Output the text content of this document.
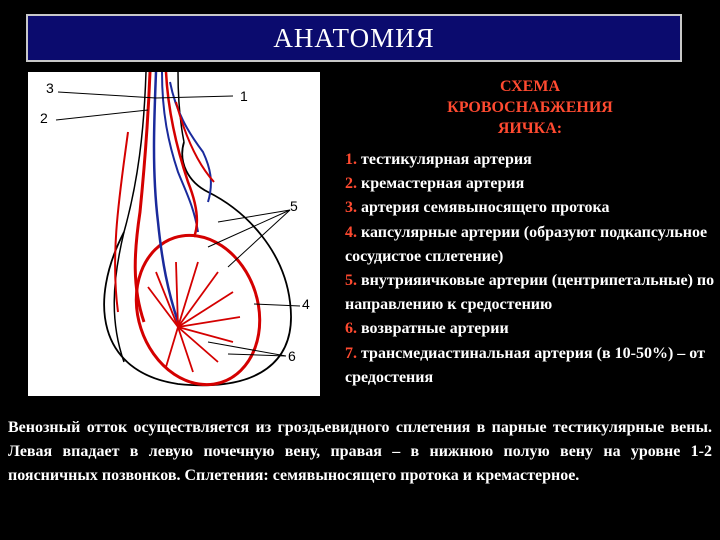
АНАТОМИЯ
3	1
2
5
4
6
СХЕМА
КРОВОСНАБЖЕНИЯ
ЯИЧКА:
1. тестикулярная артерия
2. кремастерная артерия
3. артерия семявыносящего протока
4. капсулярные артерии (образуют подкапсульное сосудистое сплетение)
5. внутрияичковые артерии (центрипетальные) по направлению к средостению
6. возвратные артерии
7. трансмедиастинальная артерия (в 10-50%) – от средостения
Венозный отток осуществляется из гроздьевидного сплетения в парные тестикулярные вены. Левая впадает в левую почечную вену, правая – в нижнюю полую вену на уровне 1-2 поясничных позвонков. Сплетения: семявыносящего протока и кремастерное.
